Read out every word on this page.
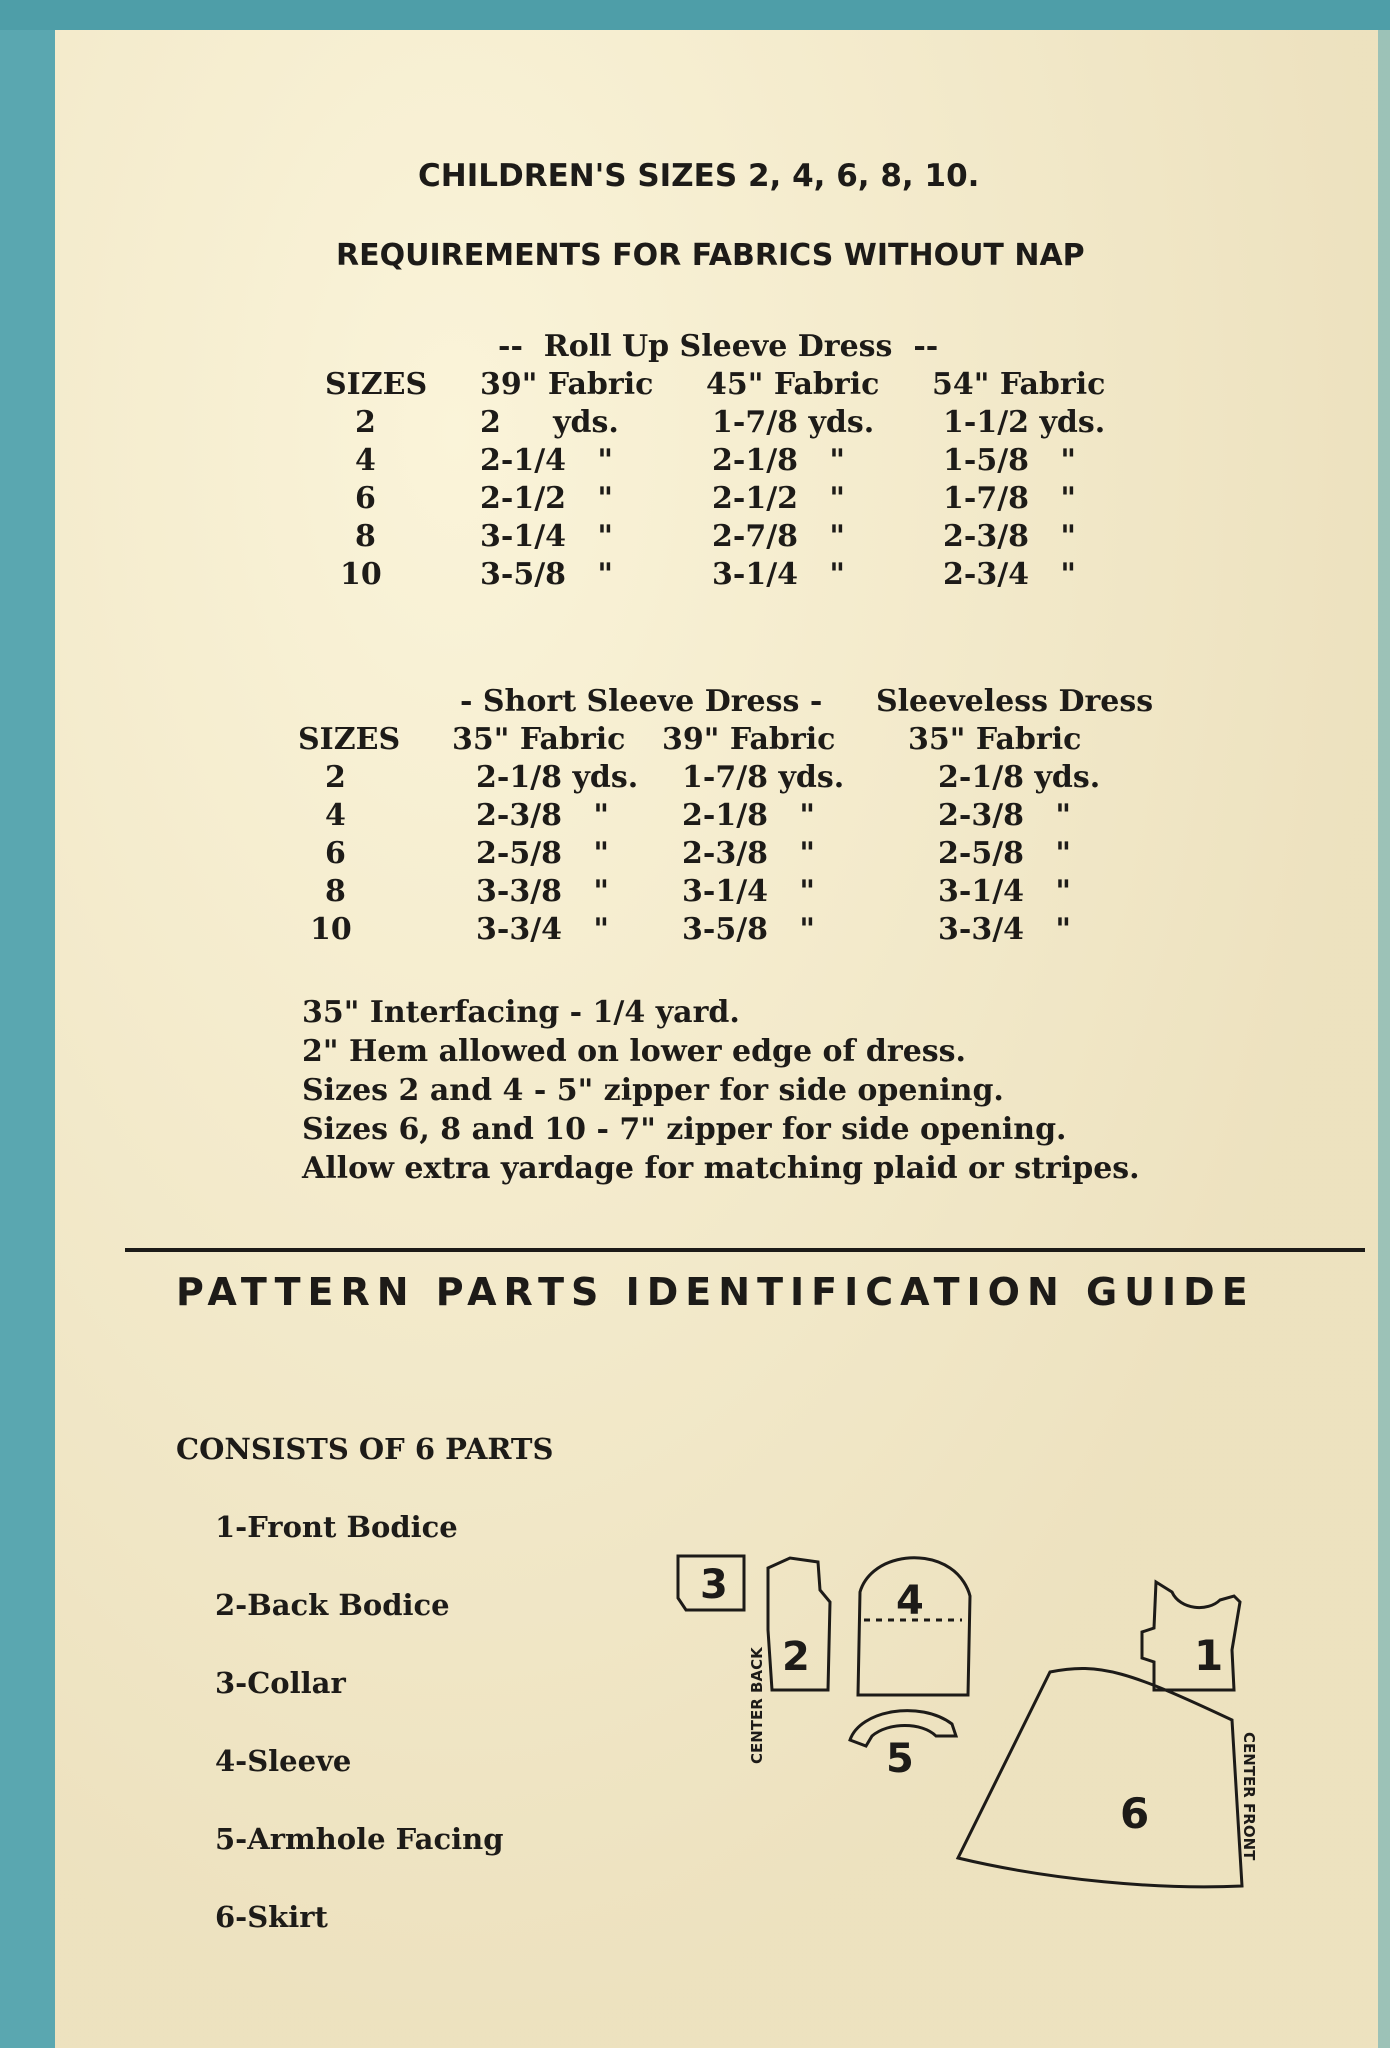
CHILDREN'S SIZES 2, 4, 6, 8, 10.
REQUIREMENTS FOR FABRICS WITHOUT NAP
--  Roll Up Sleeve Dress  --
SIZES 39" Fabric 45" Fabric 54" Fabric
2	2     yds.	1-7/8 yds. 1-1/2 yds.
4	2-1/4   "	2-1/8   "	1-5/8   "
6	2-1/2   "	2-1/2   "	1-7/8   "
8	3-1/4   "	2-7/8   "	2-3/8   "
10	3-5/8   "	3-1/4   "	2-3/4   "
- Short Sleeve Dress - Sleeveless Dress
SIZES 35" Fabric 39" Fabric 35" Fabric
2	2-1/8 yds. 1-7/8 yds.	2-1/8 yds.
4	2-3/8   " 2-1/8   "	2-3/8   "
6	2-5/8   " 2-3/8   "	2-5/8   "
8	3-3/8   " 3-1/4   "	3-1/4   "
10	3-3/4   " 3-5/8   "	3-3/4   "
35" Interfacing - 1/4 yard.
2" Hem allowed on lower edge of dress.
Sizes 2 and 4 - 5" zipper for side opening.
Sizes 6, 8 and 10 - 7" zipper for side opening.
Allow extra yardage for matching plaid or stripes.
PATTERN PARTS IDENTIFICATION GUIDE
CONSISTS OF 6 PARTS
1-Front Bodice
2-Back Bodice
3-Collar
4-Sleeve
5-Armhole Facing
6-Skirt
3
2
4
5
1
6
CENTER BACK
CENTER FRONT
